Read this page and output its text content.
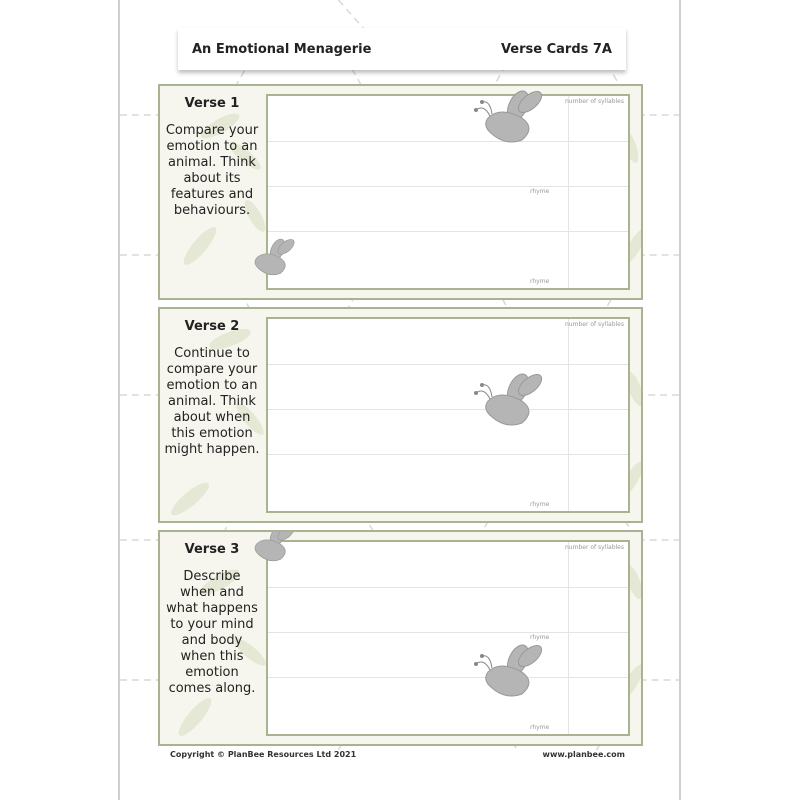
An Emotional Menagerie	Verse Cards 7A
Verse 1
Compare your emotion to an animal. Think about its features and behaviours.
number of syllables
rhyme
rhyme
Verse 2
Continue to compare your emotion to an animal. Think about when this emotion might happen.
number of syllables
rhyme
Verse 3
Describe when and what happens to your mind and body when this emotion comes along.
number of syllables
rhyme
rhyme
Copyright © PlanBee Resources Ltd 2021	www.planbee.com
